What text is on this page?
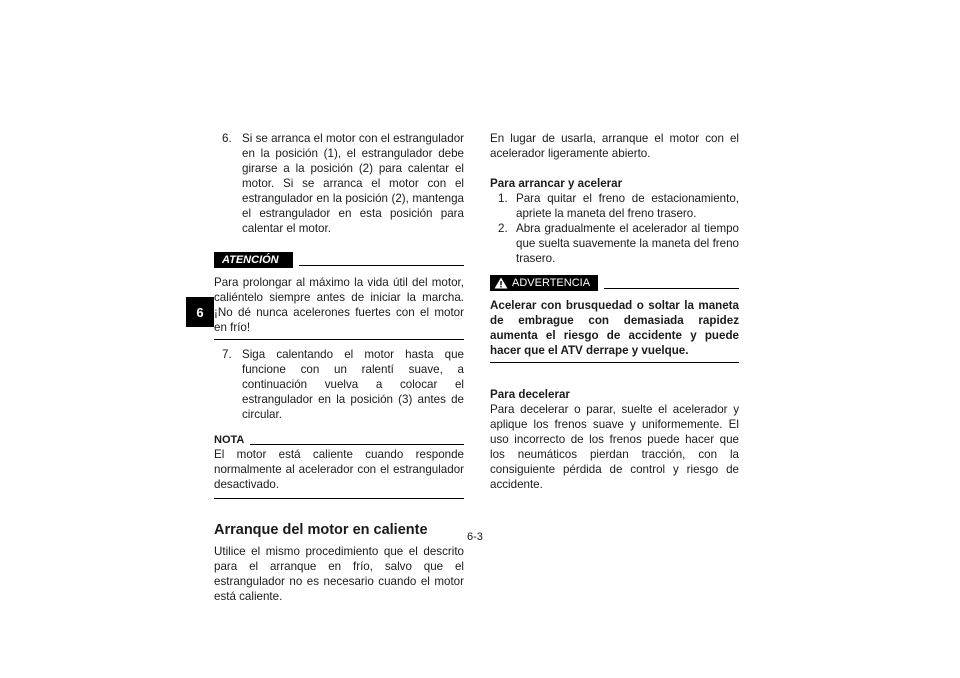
6
6. Si se arranca el motor con el estrangulador en la posición (1), el estrangulador debe girarse a la posición (2) para calentar el motor. Si se arranca el motor con el estrangulador en la posición (2), mantenga el estrangulador en esta posición para calentar el motor.
ATENCIÓN
Para prolongar al máximo la vida útil del motor, caliéntelo siempre antes de iniciar la marcha. ¡No dé nunca acelerones fuertes con el motor en frío!
7. Siga calentando el motor hasta que funcione con un ralentí suave, a continuación vuelva a colocar el estrangulador en la posición (3) antes de circular.
NOTA
El motor está caliente cuando responde normalmente al acelerador con el estrangulador desactivado.
Arranque del motor en caliente
Utilice el mismo procedimiento que el descrito para el arranque en frío, salvo que el estrangulador no es necesario cuando el motor está caliente.
En lugar de usarla, arranque el motor con el acelerador ligeramente abierto.
Para arrancar y acelerar
1. Para quitar el freno de estacionamiento, apriete la maneta del freno trasero.
2. Abra gradualmente el acelerador al tiempo que suelta suavemente la maneta del freno trasero.
ADVERTENCIA
Acelerar con brusquedad o soltar la maneta de embrague con demasiada rapidez aumenta el riesgo de accidente y puede hacer que el ATV derrape y vuelque.
Para decelerar
Para decelerar o parar, suelte el acelerador y aplique los frenos suave y uniformemente. El uso incorrecto de los frenos puede hacer que los neumáticos pierdan tracción, con la consiguiente pérdida de control y riesgo de accidente.
6-3
